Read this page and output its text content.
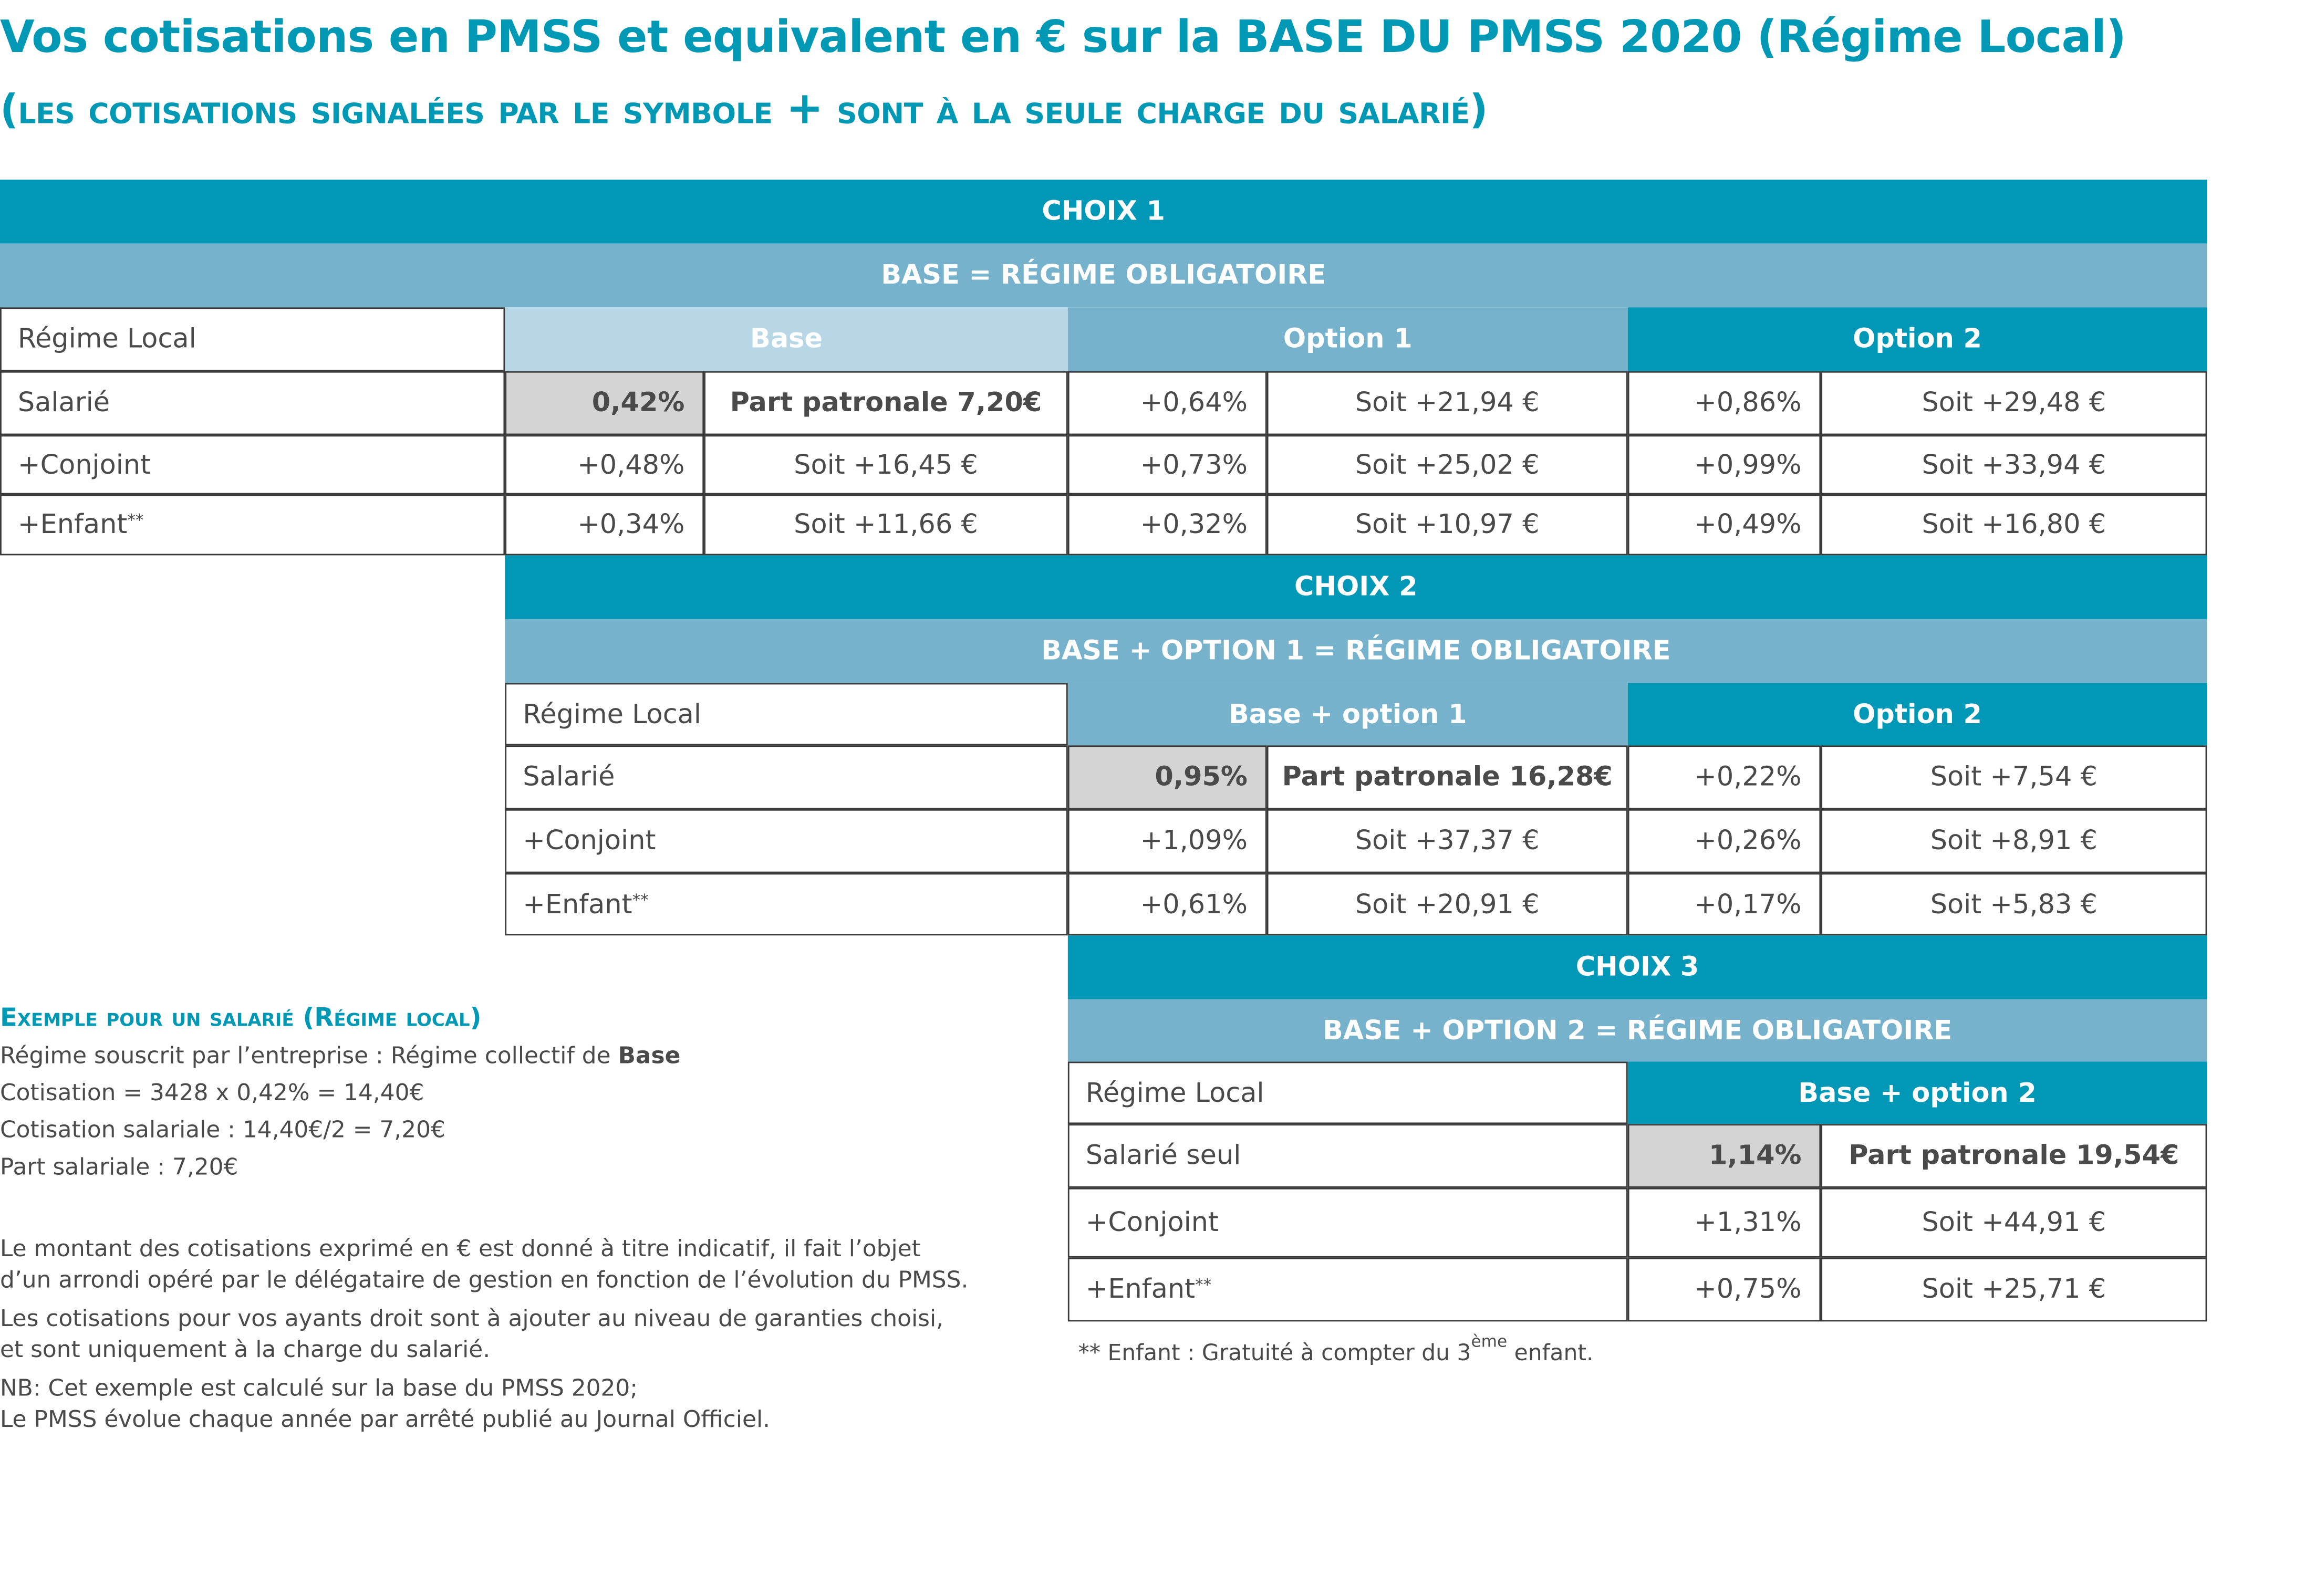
Vos cotisations en PMSS et equivalent en € sur la BASE DU PMSS 2020 (Régime Local)
(les cotisations signalées par le symbole + sont à la seule charge du salarié)
CHOIX 1
BASE = RÉGIME OBLIGATOIRE
Régime Local	Base	Option 1	Option 2
Salarié	0,42%	Part patronale 7,20€	+0,64%	Soit +21,94 €	+0,86%	Soit +29,48 €
+Conjoint	+0,48%	Soit +16,45 €	+0,73%	Soit +25,02 €	+0,99%	Soit +33,94 €
+Enfant**	+0,34%	Soit +11,66 €	+0,32%	Soit +10,97 €	+0,49%	Soit +16,80 €
CHOIX 2
BASE + OPTION 1 = RÉGIME OBLIGATOIRE
Régime Local	Base + option 1	Option 2
Salarié	0,95%	Part patronale 16,28€	+0,22%	Soit +7,54 €
+Conjoint	+1,09%	Soit +37,37 €	+0,26%	Soit +8,91 €
+Enfant**	+0,61%	Soit +20,91 €	+0,17%	Soit +5,83 €
CHOIX 3
BASE + OPTION 2 = RÉGIME OBLIGATOIRE
Régime Local	Base + option 2
Salarié seul	1,14%	Part patronale 19,54€
+Conjoint	+1,31%	Soit +44,91 €
+Enfant**	+0,75%	Soit +25,71 €
** Enfant : Gratuité à compter du 3ème enfant.
Exemple pour un salarié (Régime local)
Régime souscrit par l’entreprise : Régime collectif de Base
Cotisation = 3428 x 0,42% = 14,40€
Cotisation salariale : 14,40€/2 = 7,20€
Part salariale : 7,20€
Le montant des cotisations exprimé en € est donné à titre indicatif, il fait l’objet
d’un arrondi opéré par le délégataire de gestion en fonction de l’évolution du PMSS.
Les cotisations pour vos ayants droit sont à ajouter au niveau de garanties choisi,
et sont uniquement à la charge du salarié.
NB: Cet exemple est calculé sur la base du PMSS 2020;
Le PMSS évolue chaque année par arrêté publié au Journal Officiel.
